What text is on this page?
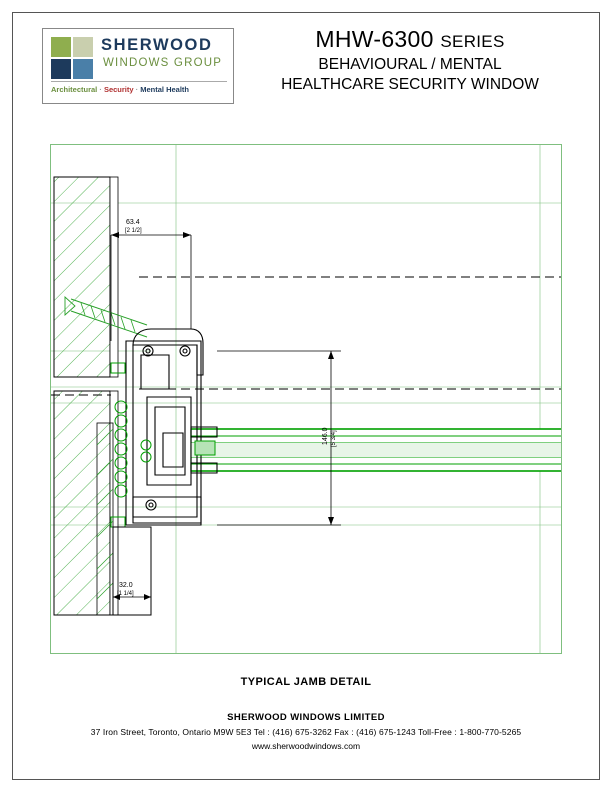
SHERWOOD
WINDOWS GROUP
Architectural · Security · Mental Health
MHW-6300 SERIES
BEHAVIOURAL / MENTAL
HEALTHCARE SECURITY WINDOW
63.4
[2 1/2]
32.0
[1 1/4]
146.0 [5 3/4]
TYPICAL JAMB DETAIL
SHERWOOD WINDOWS LIMITED
37 Iron Street, Toronto, Ontario M9W 5E3 Tel : (416) 675-3262 Fax : (416) 675-1243 Toll-Free : 1-800-770-5265
www.sherwoodwindows.com
